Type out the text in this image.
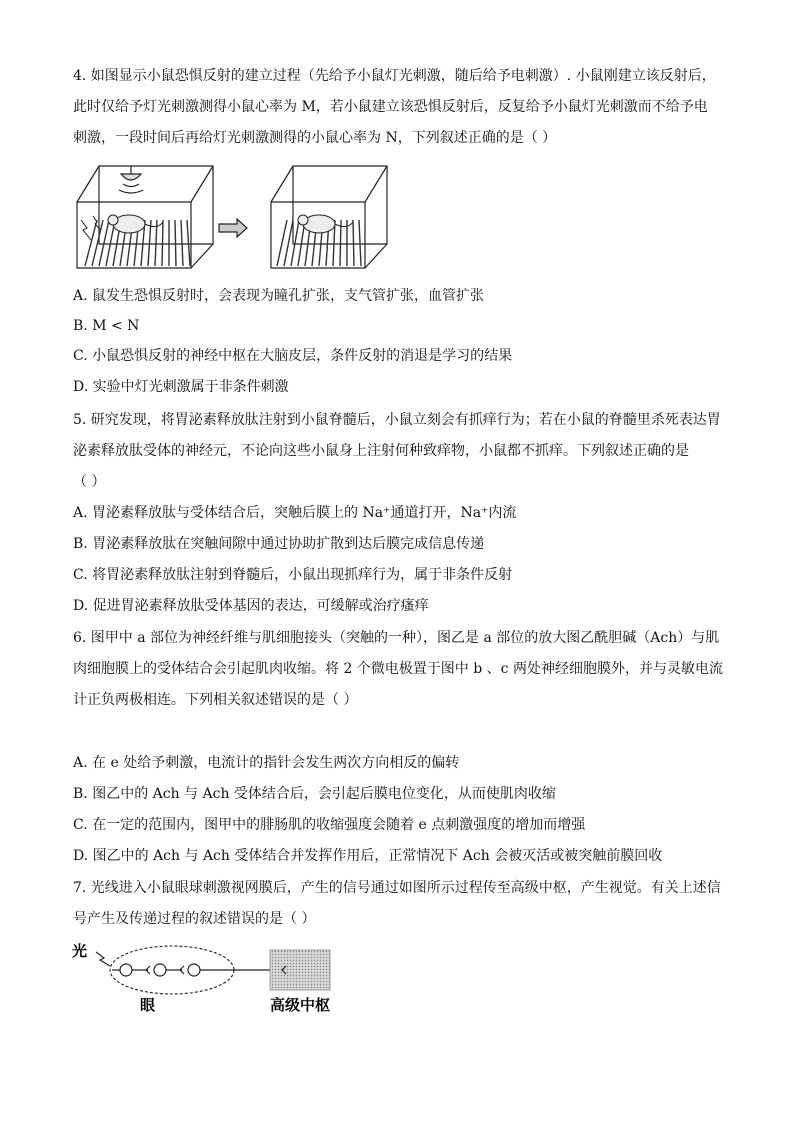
4. 如图显示小鼠恐惧反射的建立过程（先给予小鼠灯光刺激，随后给予电刺激）. 小鼠刚建立该反射后，
此时仅给予灯光刺激测得小鼠心率为 M，若小鼠建立该恐惧反射后，反复给予小鼠灯光刺激而不给予电
刺激，一段时间后再给灯光刺激测得的小鼠心率为 N，下列叙述正确的是（ ）
A. 鼠发生恐惧反射时，会表现为瞳孔扩张，支气管扩张，血管扩张
B. M < N
C. 小鼠恐惧反射的神经中枢在大脑皮层，条件反射的消退是学习的结果
D. 实验中灯光刺激属于非条件刺激
5. 研究发现，将胃泌素释放肽注射到小鼠脊髓后，小鼠立刻会有抓痒行为；若在小鼠的脊髓里杀死表达胃
泌素释放肽受体的神经元，不论向这些小鼠身上注射何种致痒物，小鼠都不抓痒。下列叙述正确的是
（ ）
A. 胃泌素释放肽与受体结合后，突触后膜上的 Na⁺通道打开，Na⁺内流
B. 胃泌素释放肽在突触间隙中通过协助扩散到达后膜完成信息传递
C. 将胃泌素释放肽注射到脊髓后，小鼠出现抓痒行为，属于非条件反射
D. 促进胃泌素释放肽受体基因的表达，可缓解或治疗瘙痒
6. 图甲中 a 部位为神经纤维与肌细胞接头（突触的一种），图乙是 a 部位的放大图乙酰胆碱（Ach）与肌
肉细胞膜上的受体结合会引起肌肉收缩。将 2 个微电极置于图中 b 、c 两处神经细胞膜外，并与灵敏电流
计正负两极相连。下列相关叙述错误的是（ ）
A. 在 e 处给予刺激，电流计的指针会发生两次方向相反的偏转
B. 图乙中的 Ach 与 Ach 受体结合后，会引起后膜电位变化，从而使肌肉收缩
C. 在一定的范围内，图甲中的腓肠肌的收缩强度会随着 e 点刺激强度的增加而增强
D. 图乙中的 Ach 与 Ach 受体结合并发挥作用后，正常情况下 Ach 会被灭活或被突触前膜回收
7. 光线进入小鼠眼球刺激视网膜后，产生的信号通过如图所示过程传至高级中枢，产生视觉。有关上述信
号产生及传递过程的叙述错误的是（ ）
光
眼	高级中枢
